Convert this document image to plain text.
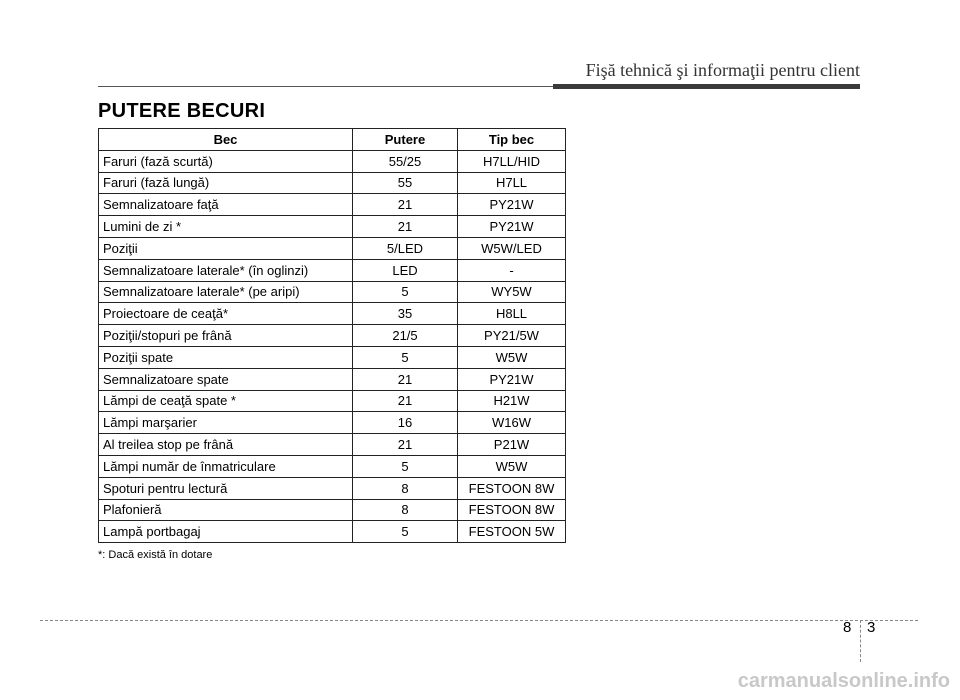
Fişă tehnică şi informaţii pentru client
PUTERE BECURI
Bec	Putere	Tip bec
Faruri (fază scurtă)	55/25	H7LL/HID
Faruri (fază lungă)	55	H7LL
Semnalizatoare faţă	21	PY21W
Lumini de zi *	21	PY21W
Poziţii	5/LED	W5W/LED
Semnalizatoare laterale* (în oglinzi)	LED	-
Semnalizatoare laterale* (pe aripi)	5	WY5W
Proiectoare de ceaţă*	35	H8LL
Poziţii/stopuri pe frână	21/5	PY21/5W
Poziţii spate	5	W5W
Semnalizatoare spate	21	PY21W
Lămpi de ceaţă spate *	21	H21W
Lămpi marşarier	16	W16W
Al treilea stop pe frână	21	P21W
Lămpi număr de înmatriculare	5	W5W
Spoturi pentru lectură	8	FESTOON 8W
Plafonieră	8	FESTOON 8W
Lampă portbagaj	5	FESTOON 5W
*: Dacă există în dotare
8 3
carmanualsonline.info
